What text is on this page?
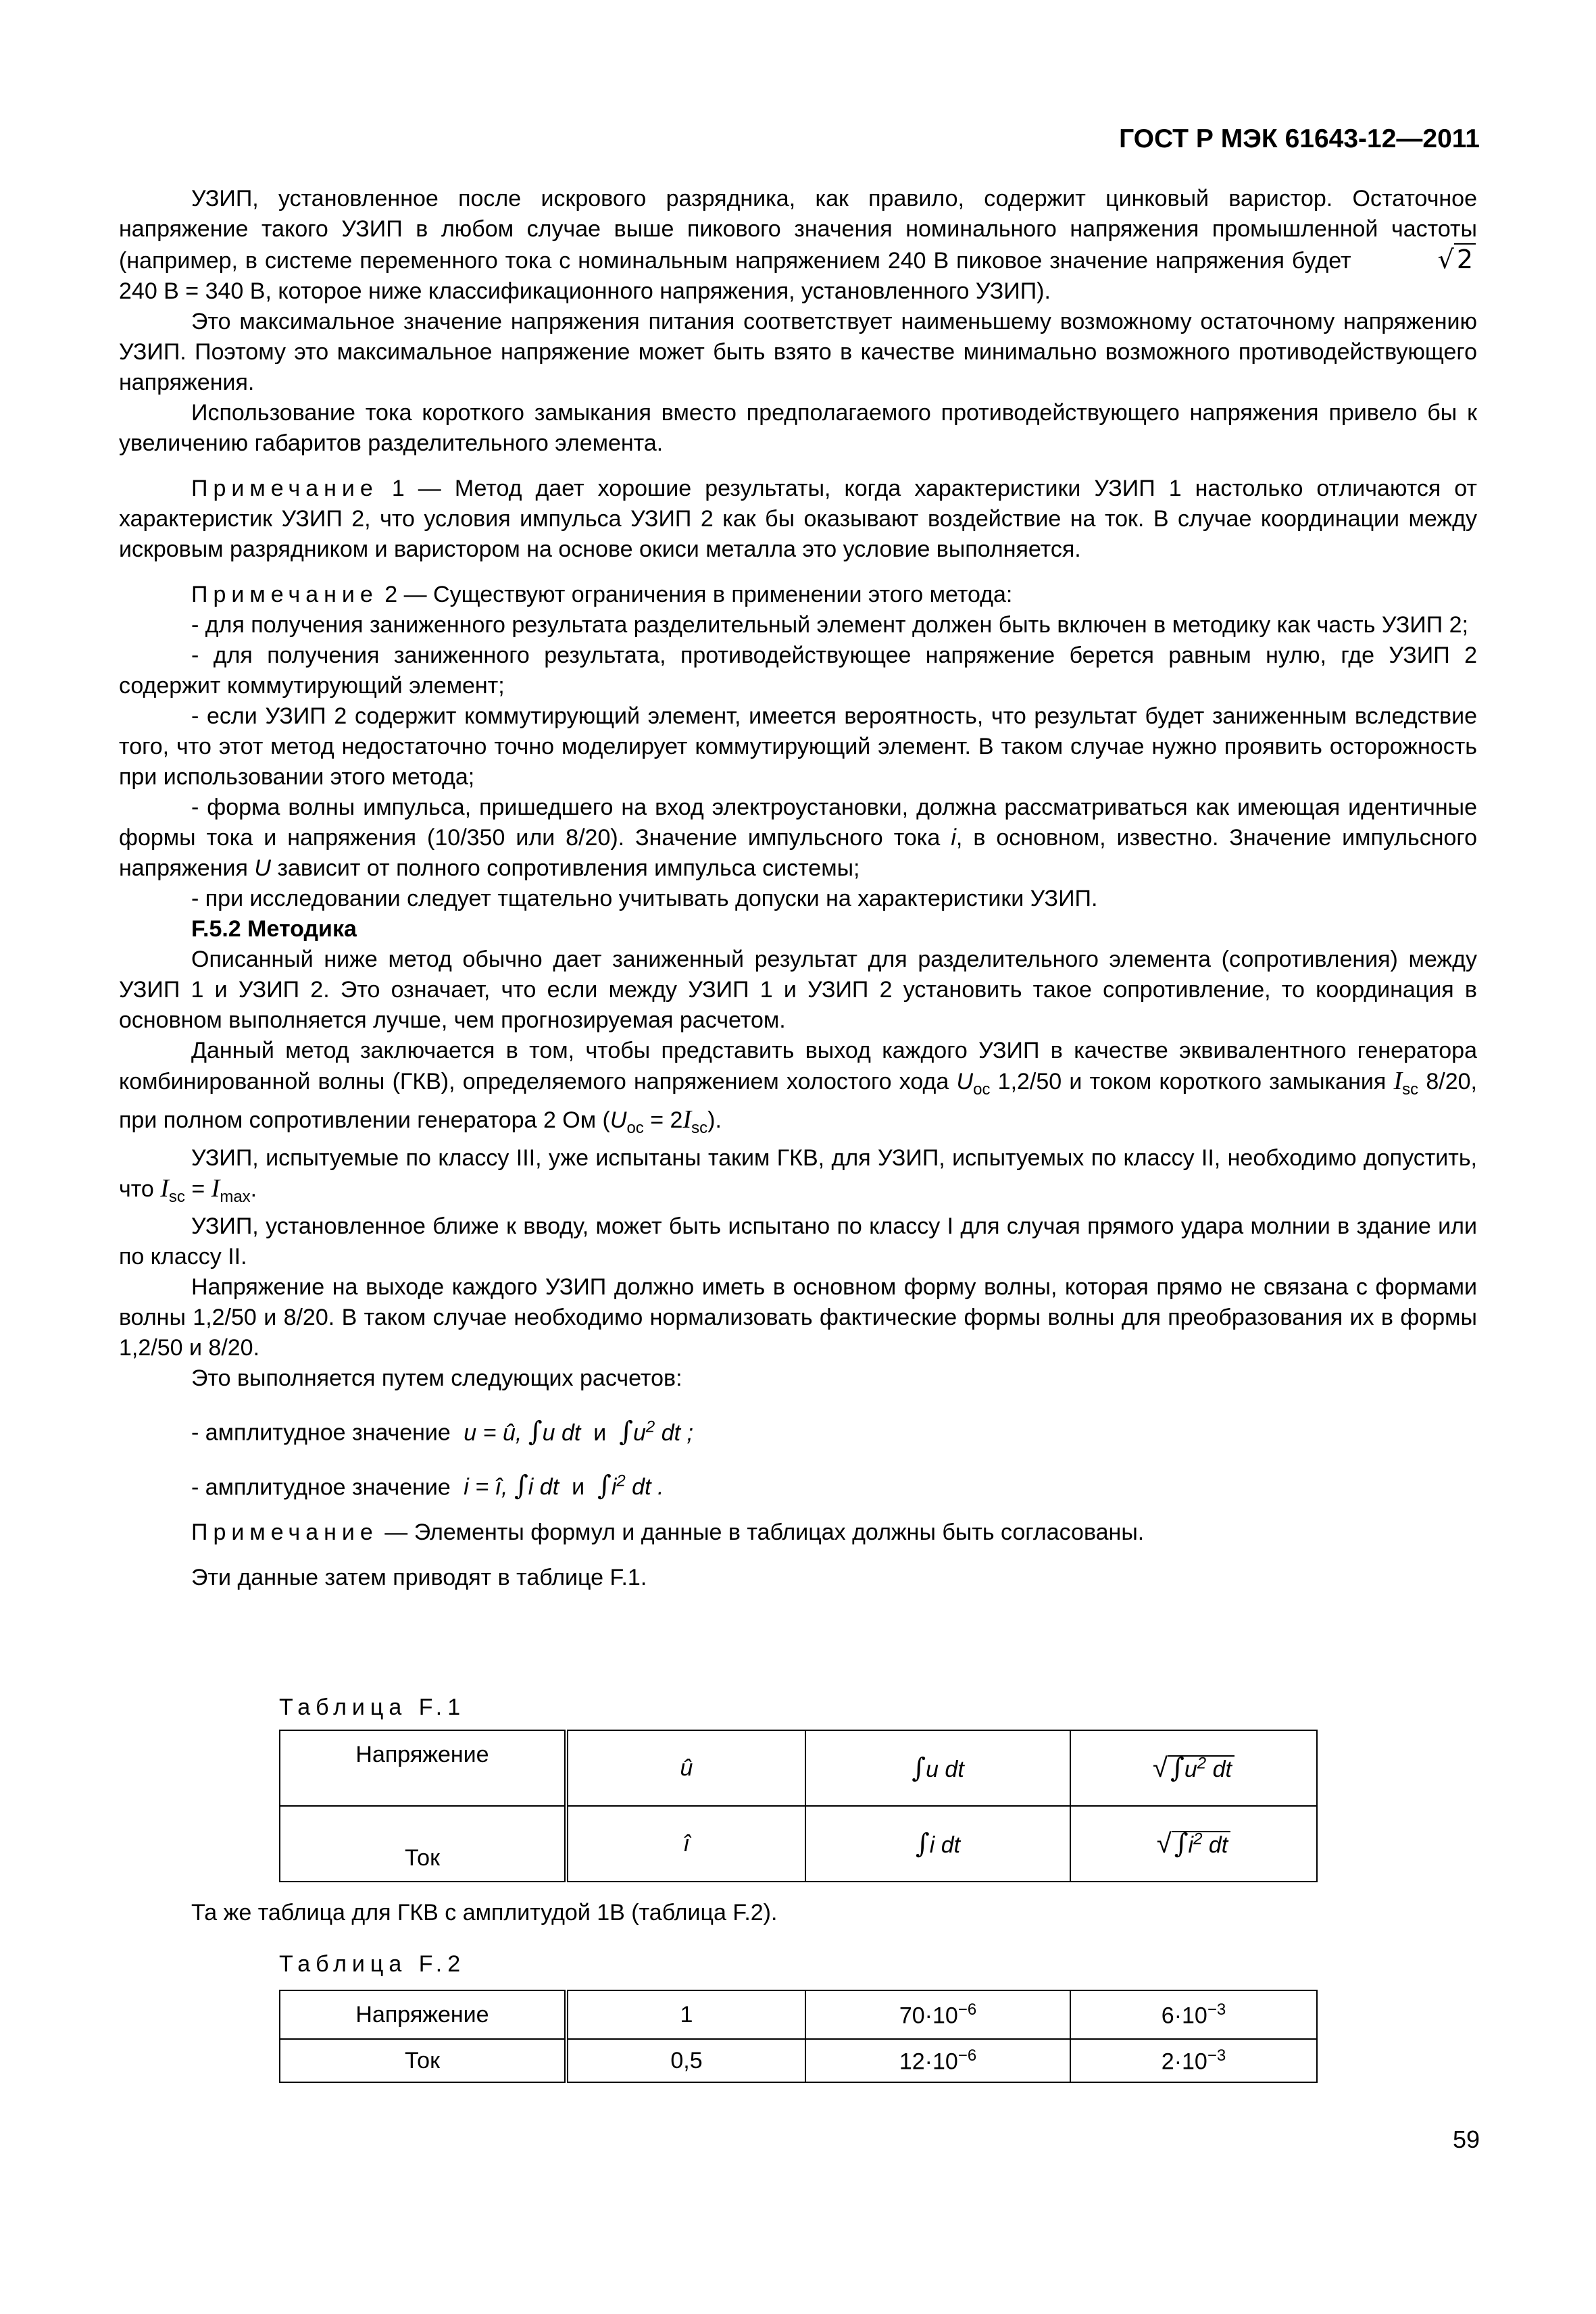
ГОСТ Р МЭК 61643-12—2011

УЗИП, установленное после искрового разрядника, как правило, содержит цинковый варистор. Остаточное напряжение такого УЗИП в любом случае выше пикового значения номинального напряжения промышленной частоты (например, в системе переменного тока с номинальным напряжением 240 В пиковое значение напряжения будет	√ 2 240 В = 340 В, которое ниже классификационного напряжения, установленного УЗИП).

Это максимальное значение напряжения питания соответствует наименьшему возможному остаточному напряжению УЗИП. Поэтому это максимальное напряжение может быть взято в качестве минимально возможного противодействующего напряжения.

Использование тока короткого замыкания вместо предполагаемого противодействующего напряжения привело бы к увеличению габаритов разделительного элемента.

Примечание 1 — Метод дает хорошие результаты, когда характеристики УЗИП 1 настолько отличаются от характеристик УЗИП 2, что условия импульса УЗИП 2 как бы оказывают воздействие на ток. В случае координации между искровым разрядником и варистором на основе окиси металла это условие выполняется.

Примечание 2 — Существуют ограничения в применении этого метода:

- для получения заниженного результата разделительный элемент должен быть включен в методику как часть УЗИП 2;

- для получения заниженного результата, противодействующее напряжение берется равным нулю, где УЗИП 2 содержит коммутирующий элемент;

- если УЗИП 2 содержит коммутирующий элемент, имеется вероятность, что результат будет заниженным вследствие того, что этот метод недостаточно точно моделирует коммутирующий элемент. В таком случае нужно проявить осторожность при использовании этого метода;

- форма волны импульса, пришедшего на вход электроустановки, должна рассматриваться как имеющая идентичные формы тока и напряжения (10/350 или 8/20). Значение импульсного тока i, в основном, известно. Значение импульсного напряжения U зависит от полного сопротивления импульса системы;

- при исследовании следует тщательно учитывать допуски на характеристики УЗИП.

F.5.2 Методика

Описанный ниже метод обычно дает заниженный результат для разделительного элемента (сопротивления) между УЗИП 1 и УЗИП 2. Это означает, что если между УЗИП 1 и УЗИП 2 установить такое сопротивление, то координация в основном выполняется лучше, чем прогнозируемая расчетом.

Данный метод заключается в том, чтобы представить выход каждого УЗИП в качестве эквивалентного генератора комбинированной волны (ГКВ), определяемого напряжением холостого хода $U_{oc}$ 1,2/50 и током короткого замыкания $I_{sc}$ 8/20, при полном сопротивлении генератора 2 Ом $(U_{oc} = 2I_{sc})$.

УЗИП, испытуемые по классу III, уже испытаны таким ГКВ, для УЗИП, испытуемых по классу II, необходимо допустить, что $I_{sc} = I_{max}$.

УЗИП, установленное ближе к вводу, может быть испытано по классу I для случая прямого удара молнии в здание или по классу II.

Напряжение на выходе каждого УЗИП должно иметь в основном форму волны, которая прямо не связана с формами волны 1,2/50 и 8/20. В таком случае необходимо нормализовать фактические формы волны для преобразования их в формы 1,2/50 и 8/20.

Это выполняется путем следующих расчетов:

- амплитудное значение u = û, ∫u dt  и $\int u^2$ dt ;
- амплитудное значение i = î, ∫i dt  и $\int i^2$ dt .

Примечание — Элементы формул и данные в таблицах должны быть согласованы.

Эти данные затем приводят в таблице F.1.

Таблица F.1
Напряжение	û	∫u dt	√ $\int u^2$ dt
Ток	î	∫i dt	√ $\int i^2$ dt
Та же таблица для ГКВ с амплитудой 1В (таблица F.2).
Таблица F.2
Напряжение	1	$70\cdot 10^{-6}$	$6\cdot 10^{-3}$
Ток	0,5	$12\cdot 10^{-6}$	$2\cdot 10^{-3}$
59
